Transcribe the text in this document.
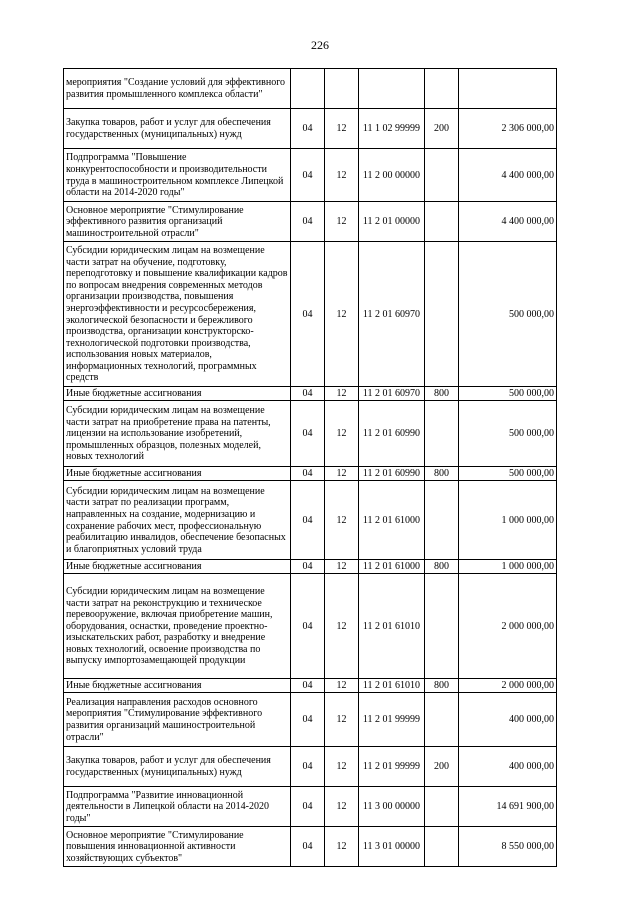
226
мероприятия "Создание условий для эффективного развития промышленного комплекса области"					
Закупка товаров, работ и услуг для обеспечения государственных (муниципальных) нужд	04	12	11 1 02 99999	200	2 306 000,00
Подпрограмма "Повышение конкурентоспособности и производительности труда в машиностроительном комплексе Липецкой области на 2014-2020 годы"	04	12	11 2 00 00000		4 400 000,00
Основное мероприятие "Стимулирование эффективного развития организаций машиностроительной отрасли"	04	12	11 2 01 00000		4 400 000,00
Субсидии юридическим лицам на возмещение части затрат на обучение, подготовку, переподготовку и повышение квалификации кадров по вопросам внедрения современных методов организации производства, повышения энергоэффективности и ресурсосбережения, экологической безопасности и бережливого производства, организации конструкторско-технологической подготовки производства, использования новых материалов, информационных технологий, программных средств	04	12	11 2 01 60970		500 000,00
Иные бюджетные ассигнования	04	12	11 2 01 60970	800	500 000,00
Субсидии юридическим лицам на возмещение части затрат на приобретение права на патенты, лицензии на использование изобретений, промышленных образцов, полезных моделей, новых технологий	04	12	11 2 01 60990		500 000,00
Иные бюджетные ассигнования	04	12	11 2 01 60990	800	500 000,00
Субсидии юридическим лицам на возмещение части затрат по реализации программ, направленных на создание, модернизацию и сохранение рабочих мест, профессиональную реабилитацию инвалидов, обеспечение безопасных и благоприятных условий труда	04	12	11 2 01 61000		1 000 000,00
Иные бюджетные ассигнования	04	12	11 2 01 61000	800	1 000 000,00
Субсидии юридическим лицам на возмещение части затрат на реконструкцию и техническое перевооружение, включая приобретение машин, оборудования, оснастки, проведение проектно-изыскательских работ, разработку и внедрение новых технологий, освоение производства по выпуску импортозамещающей продукции	04	12	11 2 01 61010		2 000 000,00
Иные бюджетные ассигнования	04	12	11 2 01 61010	800	2 000 000,00
Реализация направления расходов основного мероприятия "Стимулирование эффективного развития организаций машиностроительной отрасли"	04	12	11 2 01 99999		400 000,00
Закупка товаров, работ и услуг для обеспечения государственных (муниципальных) нужд	04	12	11 2 01 99999	200	400 000,00
Подпрограмма "Развитие инновационной деятельности в Липецкой области на 2014-2020 годы"	04	12	11 3 00 00000		14 691 900,00
Основное мероприятие "Стимулирование повышения инновационной активности хозяйствующих субъектов"	04	12	11 3 01 00000		8 550 000,00
